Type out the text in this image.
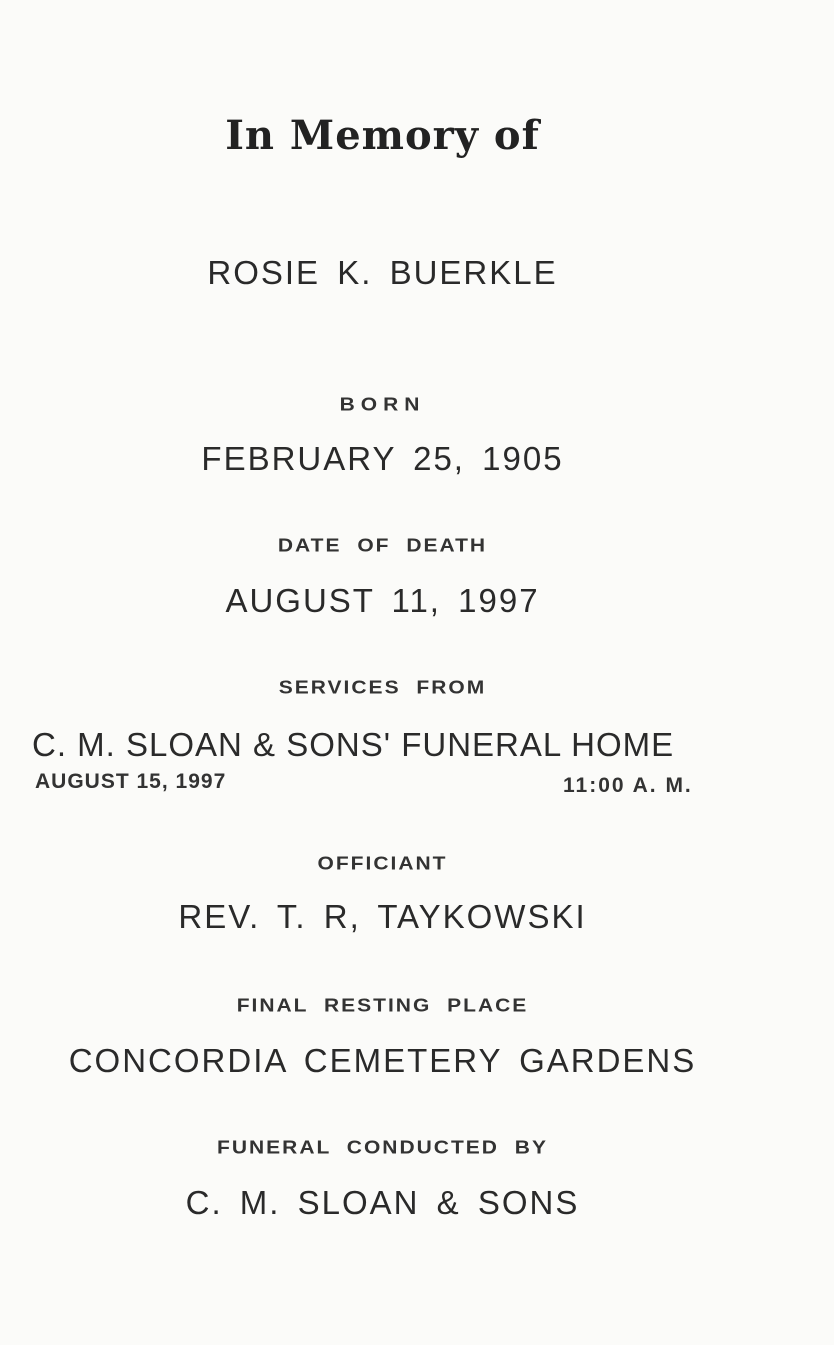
In Memory of
ROSIE K. BUERKLE
BORN
FEBRUARY 25, 1905
DATE OF DEATH
AUGUST 11, 1997
SERVICES FROM
C. M. SLOAN & SONS' FUNERAL HOME
AUGUST 15, 1997	11:00 A. M.
OFFICIANT
REV. T. R, TAYKOWSKI
FINAL RESTING PLACE
CONCORDIA CEMETERY GARDENS
FUNERAL CONDUCTED BY
C. M. SLOAN & SONS
